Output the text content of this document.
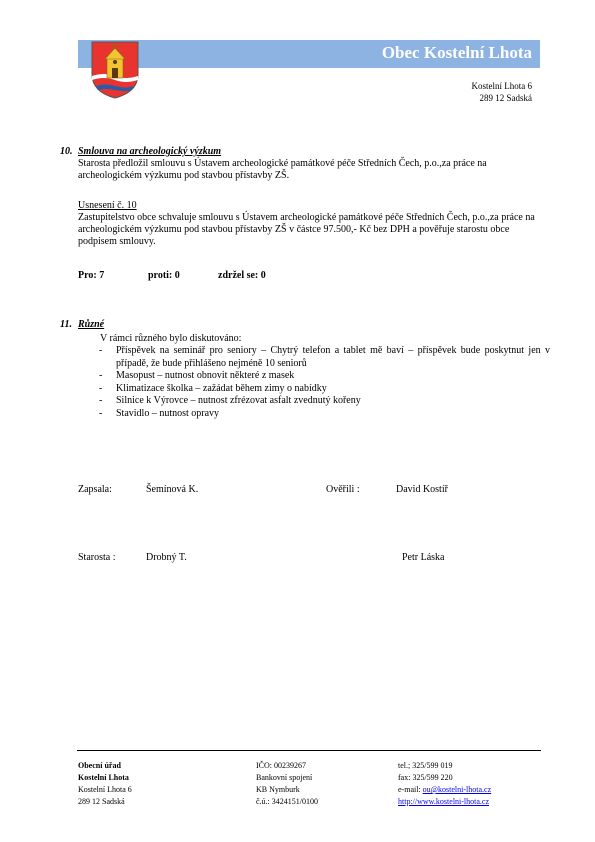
Obec Kostelní Lhota
Kostelní Lhota 6
289 12 Sadská
10. Smlouva na archeologický výzkum
Starosta předložil smlouvu s Ústavem archeologické památkové péče Středních Čech, p.o.,za práce na archeologickém výzkumu pod stavbou přístavby ZŠ.
Usnesení č. 10
Zastupitelstvo obce schvaluje smlouvu s Ústavem archeologické památkové péče Středních Čech, p.o.,za práce na archeologickém výzkumu pod stavbou přístavby ZŠ v částce 97.500,- Kč bez DPH a pověřuje starostu obce podpisem smlouvy.
Pro: 7	proti: 0	zdržel se: 0
11. Různé
V rámci různého bylo diskutováno:
- Příspěvek na seminář pro seniory – Chytrý telefon a tablet mě baví – příspěvek bude poskytnut jen v případě, že bude přihlášeno nejméně 10 seniorů
- Masopust – nutnost obnovit některé z masek
- Klimatizace školka – zažádat během zimy o nabídky
- Silnice k Výrovce – nutnost zfrézovat asfalt zvednutý kořeny
- Stavidlo – nutnost opravy
Zapsala:	Šemínová K.	Ověřili :	David Kostíř
Starosta :	Drobný T.	Petr Láska
Obecní úřad
Kostelní Lhota
Kostelní Lhota 6
289 12 Sadská
IČO: 00239267
Bankovní spojení
KB Nymburk
č.ú.: 3424151/0100
tel.; 325/599 019
fax: 325/599 220
e-mail: ou@kostelni-lhota.cz
http://www.kostelni-lhota.cz
